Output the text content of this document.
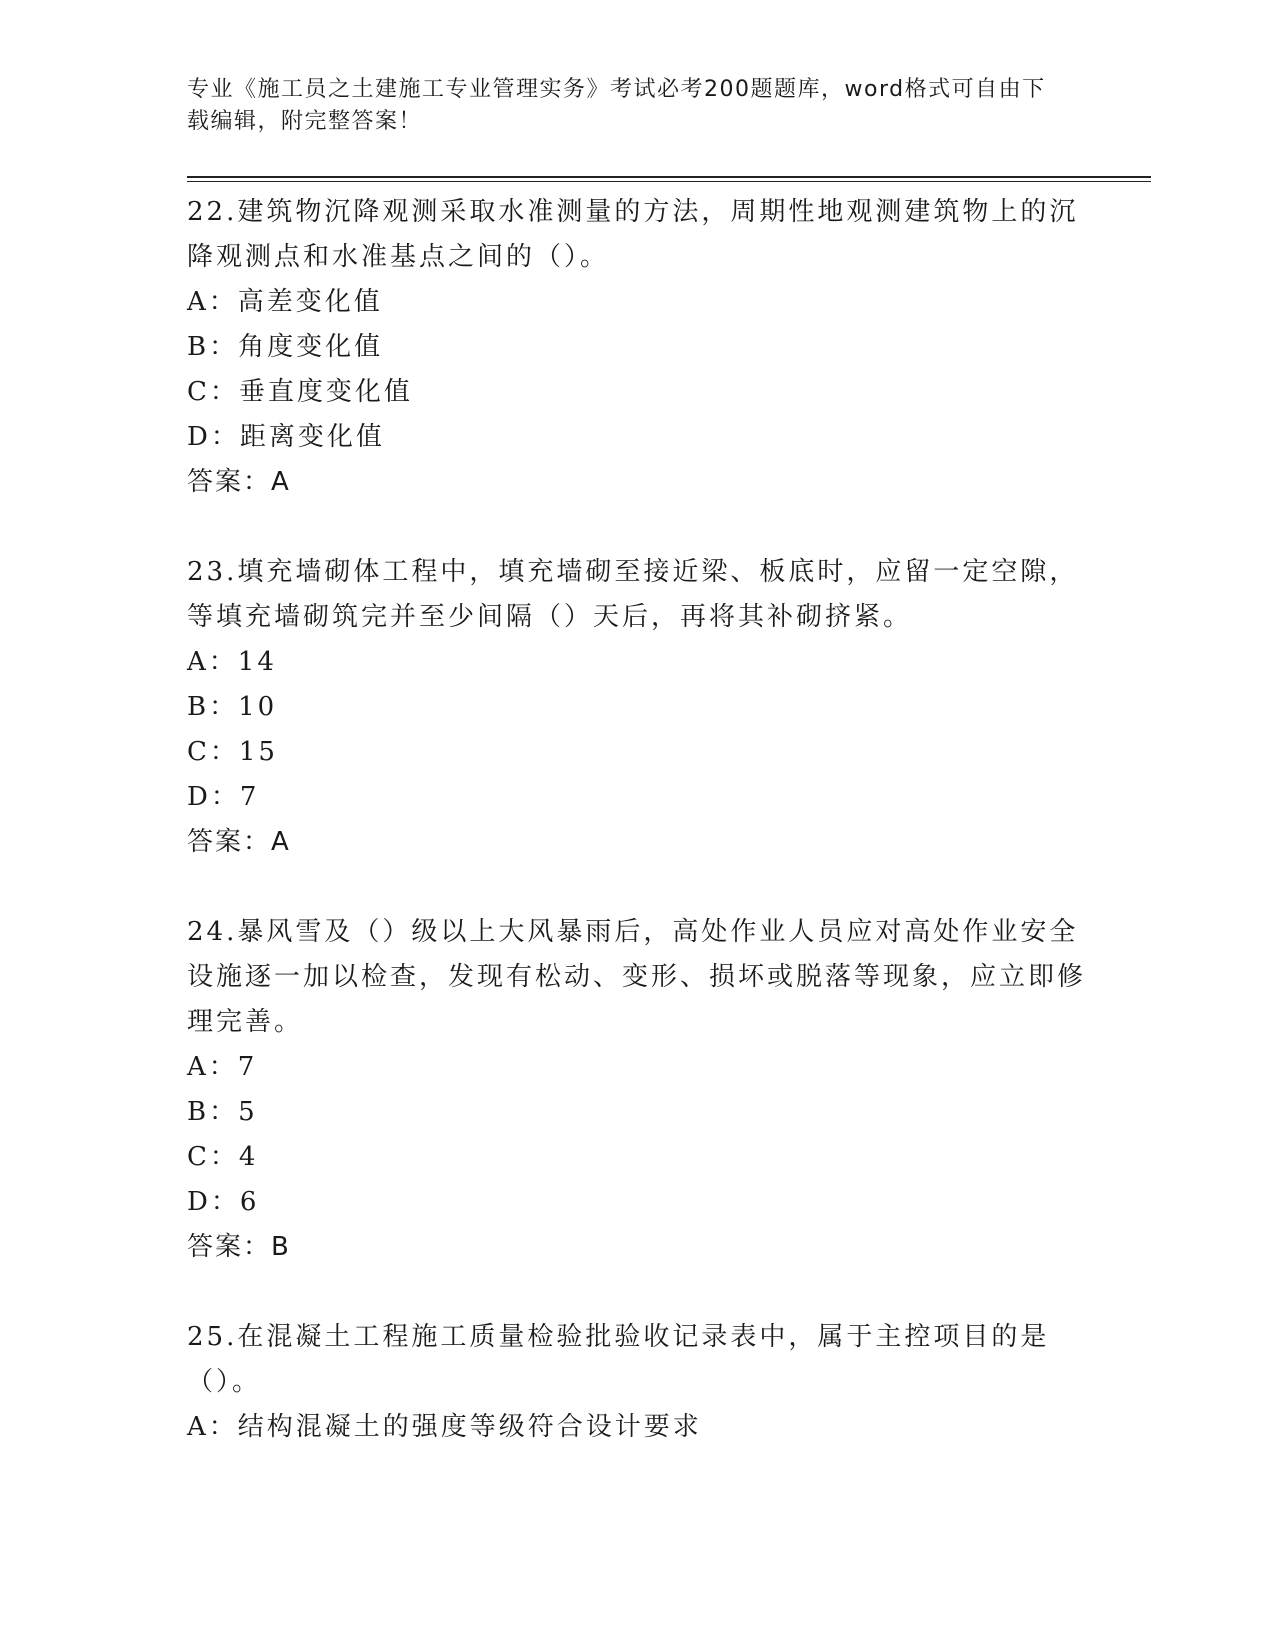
专业《施工员之土建施工专业管理实务》考试必考200题题库，word格式可自由下载编辑，附完整答案！
22.建筑物沉降观测采取水准测量的方法，周期性地观测建筑物上的沉降观测点和水准基点之间的（）。
A：高差变化值
B：角度变化值
C：垂直度变化值
D：距离变化值
答案：A
23.填充墙砌体工程中，填充墙砌至接近梁、板底时，应留一定空隙，等填充墙砌筑完并至少间隔（）天后，再将其补砌挤紧。
A：14
B：10
C：15
D：7
答案：A
24.暴风雪及（）级以上大风暴雨后，高处作业人员应对高处作业安全设施逐一加以检查，发现有松动、变形、损坏或脱落等现象，应立即修理完善。
A：7
B：5
C：4
D：6
答案：B
25.在混凝土工程施工质量检验批验收记录表中，属于主控项目的是（）。
A：结构混凝土的强度等级符合设计要求
